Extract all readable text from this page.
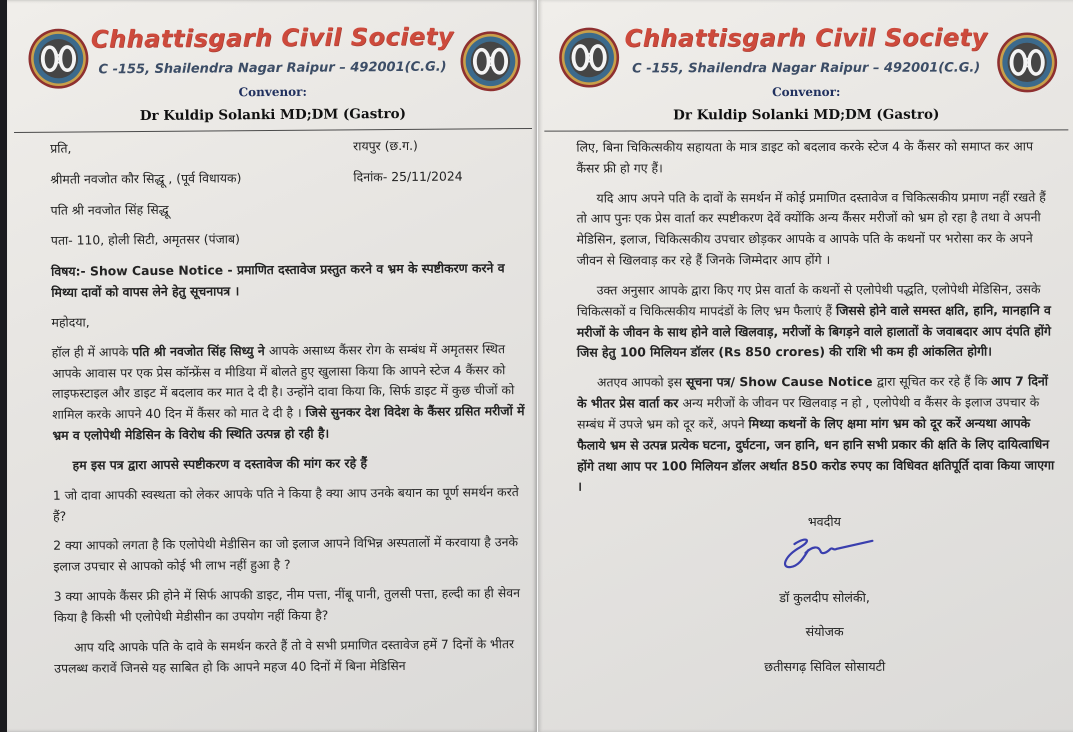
S	S
Chhattisgarh Civil Society
C -155, Shailendra Nagar Raipur – 492001(C.G.)
Convenor:
Dr Kuldip Solanki MD;DM (Gastro)
प्रति,	रायपुर (छ.ग.)
श्रीमती नवजोत कौर सिद्धू , (पूर्व विधायक)	दिनांक- 25/11/2024
पति श्री नवजोत सिंह सिद्धू
पता- 110, होली सिटी, अमृतसर (पंजाब)

विषय:- Show Cause Notice - प्रमाणित दस्तावेज प्रस्तुत करने व भ्रम के स्पष्टीकरण करने व मिथ्या दावों को वापस लेने हेतु सूचनापत्र ।

महोदया,

हॉल ही में आपके पति श्री नवजोत सिंह सिध्यु ने आपके असाध्य कैंसर रोग के सम्बंध में अमृतसर स्थित आपके आवास पर एक प्रेस कॉन्फ्रेंस व मीडिया में बोलते हुए खुलासा किया कि आपने स्टेज 4 कैंसर को लाइफस्टाइल और डाइट में बदलाव कर मात दे दी है। उन्होंने दावा किया कि, सिर्फ डाइट में कुछ चीजों को शामिल करके आपने 40 दिन में कैंसर को मात दे दी है । जिसे सुनकर देश विदेश के कैंसर ग्रसित मरीजों में भ्रम व एलोपेथी मेडिसिन के विरोध की स्थिति उत्पन्न हो रही है।

हम इस पत्र द्वारा आपसे स्पष्टीकरण व दस्तावेज की मांग कर रहे हैं

1 जो दावा आपकी स्वस्थता को लेकर आपके पति ने किया है क्या आप उनके बयान का पूर्ण समर्थन करते हैं?

2 क्या आपको लगता है कि एलोपेथी मेडीसिन का जो इलाज आपने विभिन्न अस्पतालों में करवाया है उनके इलाज उपचार से आपको कोई भी लाभ नहीं हुआ है ?

3 क्या आपके कैंसर फ्री होने में सिर्फ आपकी डाइट, नीम पत्ता, नींबू पानी, तुलसी पत्ता, हल्दी का ही सेवन किया है किसी भी एलोपेथी मेडीसीन का उपयोग नहीं किया है?

आप यदि आपके पति के दावे के समर्थन करते हैं तो वे सभी प्रमाणित दस्तावेज हमें 7 दिनों के भीतर उपलब्ध करावें जिनसे यह साबित हो कि आपने महज 40 दिनों में बिना मेडिसिन

S	S
Chhattisgarh Civil Society
C -155, Shailendra Nagar Raipur – 492001(C.G.)
Convenor:
Dr Kuldip Solanki MD;DM (Gastro)

लिए, बिना चिकित्सकीय सहायता के मात्र डाइट को बदलाव करके स्टेज 4 के कैंसर को समाप्त कर आप कैंसर फ्री हो गए हैं।

यदि आप अपने पति के दावों के समर्थन में कोई प्रमाणित दस्तावेज व चिकित्सकीय प्रमाण नहीं रखते हैं तो आप पुनः एक प्रेस वार्ता कर स्पष्टीकरण देवें क्योंकि अन्य कैंसर मरीजों को भ्रम हो रहा है तथा वे अपनी मेडिसिन, इलाज, चिकित्सकीय उपचार छोड़कर आपके व आपके पति के कथनों पर भरोसा कर के अपने जीवन से खिलवाड़ कर रहे हैं जिनके जिम्मेदार आप होंगे ।

उक्त अनुसार आपके द्वारा किए गए प्रेस वार्ता के कथनों से एलोपेथी पद्धति, एलोपेथी मेडिसिन, उसके चिकित्सकों व चिकित्सकीय मापदंडों के लिए भ्रम फैलाएं हैं जिससे होने वाले समस्त क्षति, हानि, मानहानि व मरीजों के जीवन के साथ होने वाले खिलवाड़, मरीजों के बिगड़ने वाले हालातों के जवाबदार आप दंपति होंगे जिस हेतु 100 मिलियन डॉलर (Rs 850 crores) की राशि भी कम ही आंकलित होगी।

अतएव आपको इस सूचना पत्र/ Show Cause Notice द्वारा सूचित कर रहे हैं कि आप 7 दिनों के भीतर प्रेस वार्ता कर अन्य मरीजों के जीवन पर खिलवाड़ न हो , एलोपेथी व कैंसर के इलाज उपचार के सम्बंध में उपजे भ्रम को दूर करें, अपने मिथ्या कथनों के लिए क्षमा मांग भ्रम को दूर करें अन्यथा आपके फैलाये भ्रम से उत्पन्न प्रत्येक घटना, दुर्घटना, जन हानि, धन हानि सभी प्रकार की क्षति के लिए दायित्वाधिन होंगे तथा आप पर 100 मिलियन डॉलर अर्थात 850 करोड रुपए का विधिवत क्षतिपूर्ति दावा किया जाएगा ।

भवदीय
डॉ कुलदीप सोलंकी,
संयोजक
छतीसगढ़ सिविल सोसायटी
